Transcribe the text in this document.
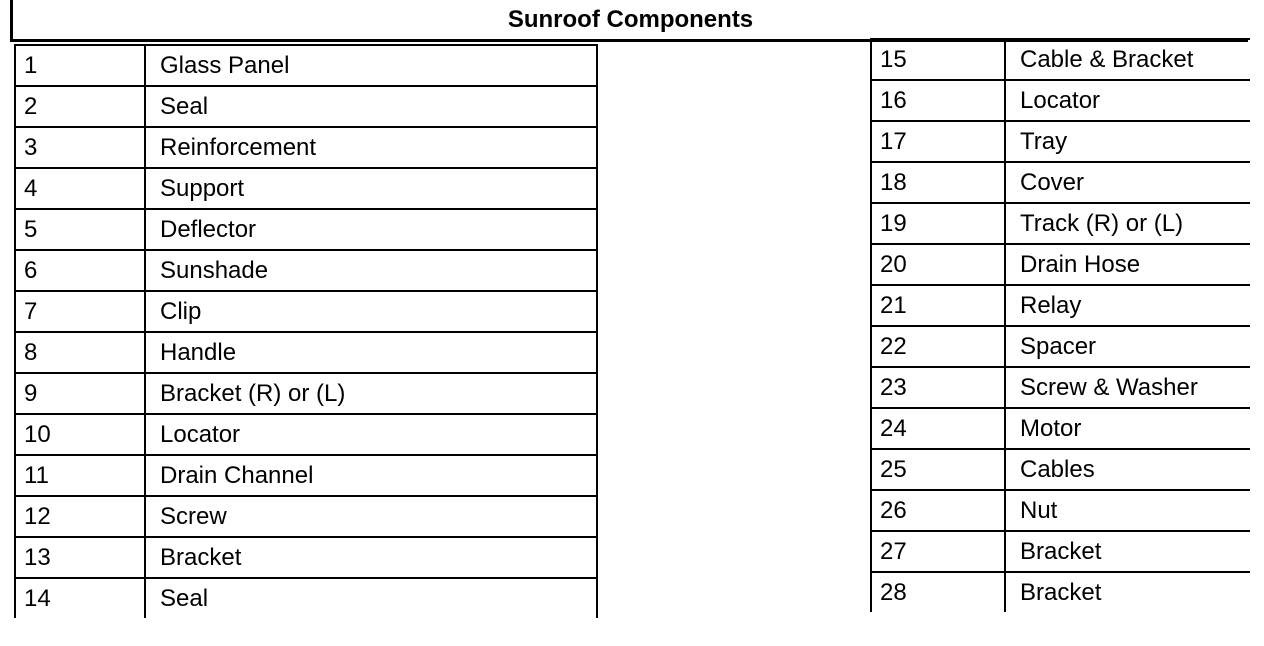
Sunroof Components
1	Glass Panel
2	Seal
3	Reinforcement
4	Support
5	Deflector
6	Sunshade
7	Clip
8	Handle
9	Bracket (R) or (L)
10	Locator
11	Drain Channel
12	Screw
13	Bracket
14	Seal
15	Cable & Bracket
16	Locator
17	Tray
18	Cover
19	Track (R) or (L)
20	Drain Hose
21	Relay
22	Spacer
23	Screw & Washer
24	Motor
25	Cables
26	Nut
27	Bracket
28	Bracket
